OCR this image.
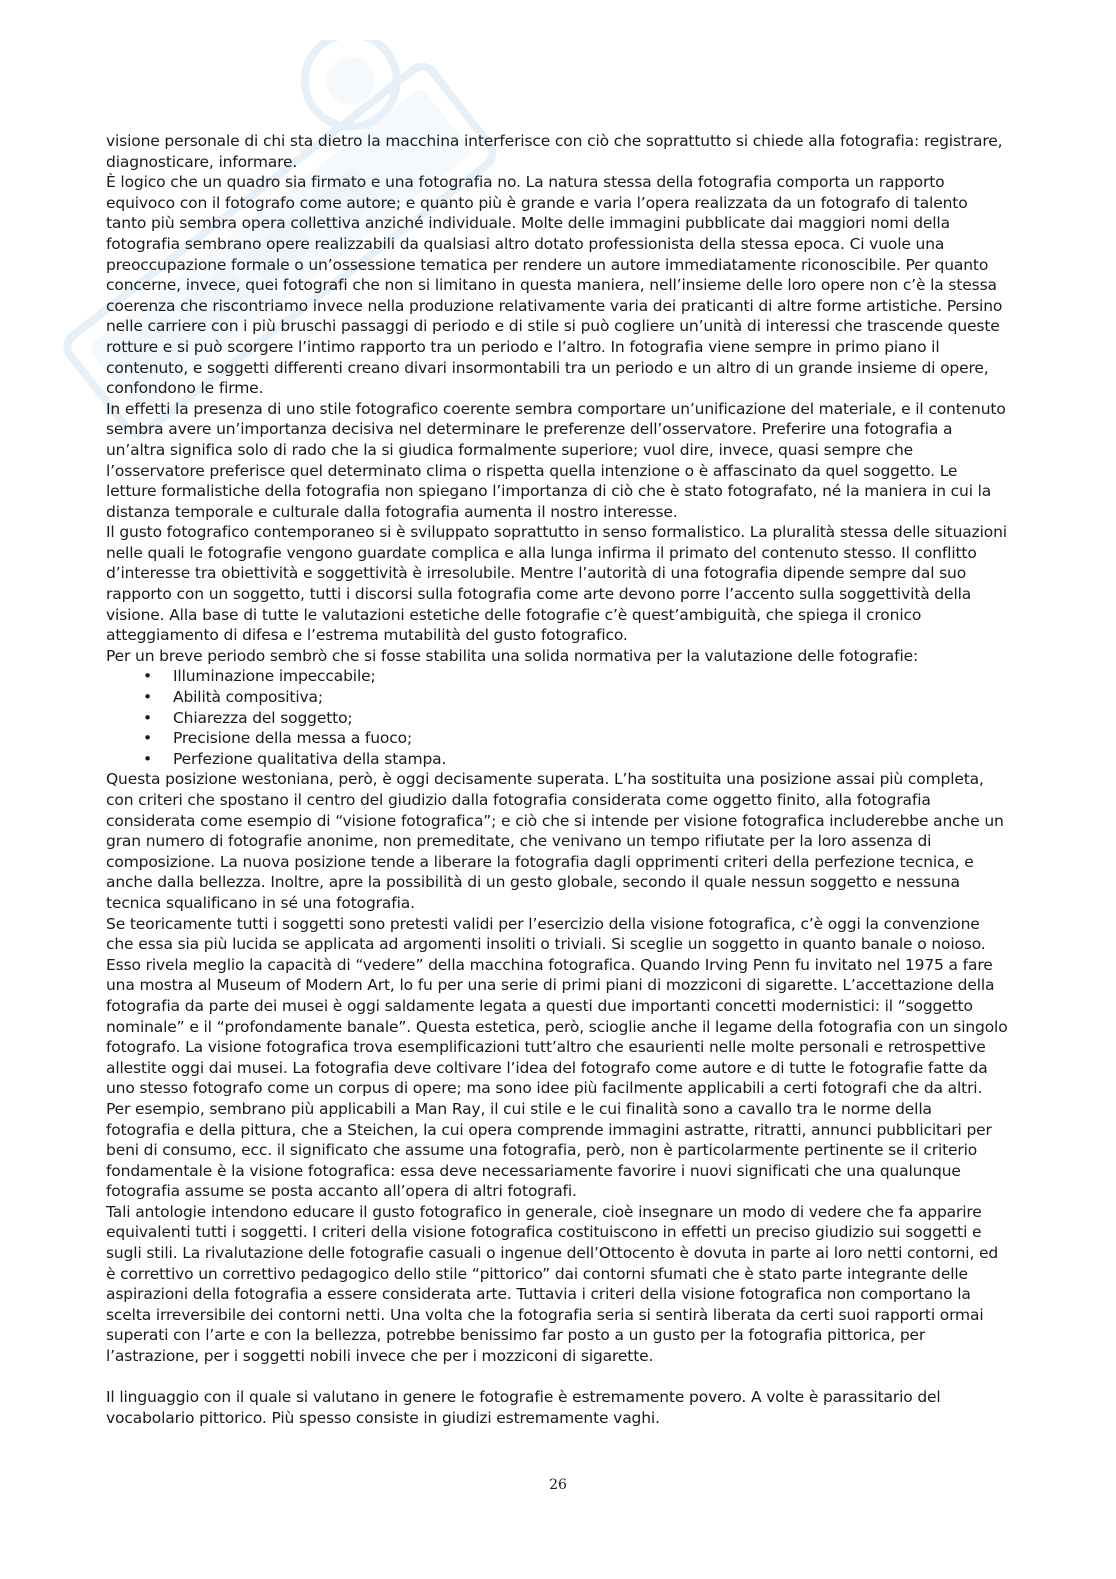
visione personale di chi sta dietro la macchina interferisce con ciò che soprattutto si chiede alla fotografia: registrare, diagnosticare, informare.

È logico che un quadro sia firmato e una fotografia no. La natura stessa della fotografia comporta un rapporto equivoco con il fotografo come autore; e quanto più è grande e varia l’opera realizzata da un fotografo di talento tanto più sembra opera collettiva anziché individuale. Molte delle immagini pubblicate dai maggiori nomi della fotografia sembrano opere realizzabili da qualsiasi altro dotato professionista della stessa epoca. Ci vuole una preoccupazione formale o un’ossessione tematica per rendere un autore immediatamente riconoscibile. Per quanto concerne, invece, quei fotografi che non si limitano in questa maniera, nell’insieme delle loro opere non c’è la stessa coerenza che riscontriamo invece nella produzione relativamente varia dei praticanti di altre forme artistiche. Persino nelle carriere con i più bruschi passaggi di periodo e di stile si può cogliere un’unità di interessi che trascende queste rotture e si può scorgere l’intimo rapporto tra un periodo e l’altro. In fotografia viene sempre in primo piano il contenuto, e soggetti differenti creano divari insormontabili tra un periodo e un altro di un grande insieme di opere, confondono le firme.

In effetti la presenza di uno stile fotografico coerente sembra comportare un’unificazione del materiale, e il contenuto sembra avere un’importanza decisiva nel determinare le preferenze dell’osservatore. Preferire una fotografia a un’altra significa solo di rado che la si giudica formalmente superiore; vuol dire, invece, quasi sempre che l’osservatore preferisce quel determinato clima o rispetta quella intenzione o è affascinato da quel soggetto. Le letture formalistiche della fotografia non spiegano l’importanza di ciò che è stato fotografato, né la maniera in cui la distanza temporale e culturale dalla fotografia aumenta il nostro interesse.

Il gusto fotografico contemporaneo si è sviluppato soprattutto in senso formalistico. La pluralità stessa delle situazioni nelle quali le fotografie vengono guardate complica e alla lunga infirma il primato del contenuto stesso. Il conflitto d’interesse tra obiettività e soggettività è irresolubile. Mentre l’autorità di una fotografia dipende sempre dal suo rapporto con un soggetto, tutti i discorsi sulla fotografia come arte devono porre l’accento sulla soggettività della visione. Alla base di tutte le valutazioni estetiche delle fotografie c’è quest’ambiguità, che spiega il cronico atteggiamento di difesa e l’estrema mutabilità del gusto fotografico.

Per un breve periodo sembrò che si fosse stabilita una solida normativa per la valutazione delle fotografie:

• Illuminazione impeccabile;
• Abilità compositiva;
• Chiarezza del soggetto;
• Precisione della messa a fuoco;
• Perfezione qualitativa della stampa.

Questa posizione westoniana, però, è oggi decisamente superata. L’ha sostituita una posizione assai più completa, con criteri che spostano il centro del giudizio dalla fotografia considerata come oggetto finito, alla fotografia considerata come esempio di “visione fotografica”; e ciò che si intende per visione fotografica includerebbe anche un gran numero di fotografie anonime, non premeditate, che venivano un tempo rifiutate per la loro assenza di composizione. La nuova posizione tende a liberare la fotografia dagli opprimenti criteri della perfezione tecnica, e anche dalla bellezza. Inoltre, apre la possibilità di un gesto globale, secondo il quale nessun soggetto e nessuna tecnica squalificano in sé una fotografia.

Se teoricamente tutti i soggetti sono pretesti validi per l’esercizio della visione fotografica, c’è oggi la convenzione che essa sia più lucida se applicata ad argomenti insoliti o triviali. Si sceglie un soggetto in quanto banale o noioso. Esso rivela meglio la capacità di “vedere” della macchina fotografica. Quando Irving Penn fu invitato nel 1975 a fare una mostra al Museum of Modern Art, lo fu per una serie di primi piani di mozziconi di sigarette. L’accettazione della fotografia da parte dei musei è oggi saldamente legata a questi due importanti concetti modernistici: il “soggetto nominale” e il “profondamente banale”. Questa estetica, però, scioglie anche il legame della fotografia con un singolo fotografo. La visione fotografica trova esemplificazioni tutt’altro che esaurienti nelle molte personali e retrospettive allestite oggi dai musei. La fotografia deve coltivare l’idea del fotografo come autore e di tutte le fotografie fatte da uno stesso fotografo come un corpus di opere; ma sono idee più facilmente applicabili a certi fotografi che da altri. Per esempio, sembrano più applicabili a Man Ray, il cui stile e le cui finalità sono a cavallo tra le norme della fotografia e della pittura, che a Steichen, la cui opera comprende immagini astratte, ritratti, annunci pubblicitari per beni di consumo, ecc. il significato che assume una fotografia, però, non è particolarmente pertinente se il criterio fondamentale è la visione fotografica: essa deve necessariamente favorire i nuovi significati che una qualunque fotografia assume se posta accanto all’opera di altri fotografi.

Tali antologie intendono educare il gusto fotografico in generale, cioè insegnare un modo di vedere che fa apparire equivalenti tutti i soggetti. I criteri della visione fotografica costituiscono in effetti un preciso giudizio sui soggetti e sugli stili. La rivalutazione delle fotografie casuali o ingenue dell’Ottocento è dovuta in parte ai loro netti contorni, ed è correttivo un correttivo pedagogico dello stile “pittorico” dai contorni sfumati che è stato parte integrante delle aspirazioni della fotografia a essere considerata arte. Tuttavia i criteri della visione fotografica non comportano la scelta irreversibile dei contorni netti. Una volta che la fotografia seria si sentirà liberata da certi suoi rapporti ormai superati con l’arte e con la bellezza, potrebbe benissimo far posto a un gusto per la fotografia pittorica, per l’astrazione, per i soggetti nobili invece che per i mozziconi di sigarette.

Il linguaggio con il quale si valutano in genere le fotografie è estremamente povero. A volte è parassitario del vocabolario pittorico. Più spesso consiste in giudizi estremamente vaghi.

26
